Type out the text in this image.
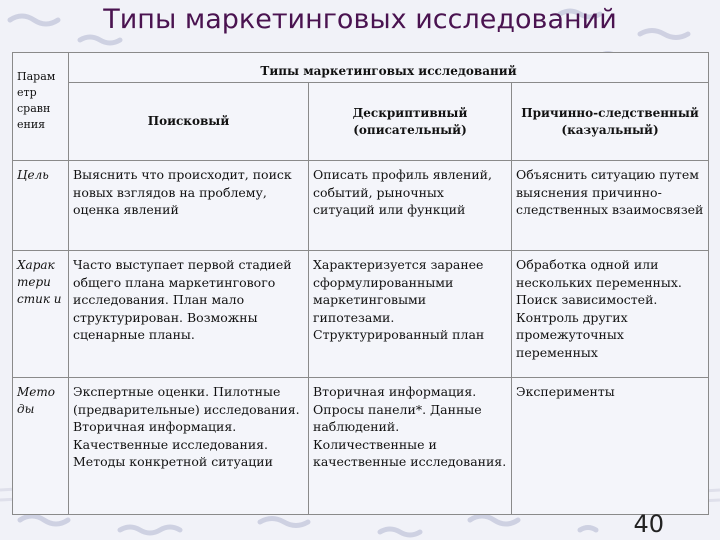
Типы маркетинговых исследований
Парам етр сравн ения	Типы маркетинговых исследований		
	Поисковый	Дескриптивный (описательный)	Причинно-следственный (казуальный)
Цель	Выяснить что происходит, поиск новых взглядов на проблему, оценка явлений	Описать профиль явлений, событий, рыночных ситуаций или функций	Объяснить ситуацию путем выяснения причинно-следственных взаимосвязей
Харак тери стик и	Часто выступает первой стадией общего плана маркетингового исследования. План мало структурирован. Возможны сценарные планы.	Характеризуется заранее сформулированными маркетинговыми гипотезами. Структурированный план	Обработка одной или нескольких переменных. Поиск зависимостей. Контроль других промежуточных переменных
Мето ды	Экспертные оценки. Пилотные (предварительные) исследования. Вторичная информация. Качественные исследования. Методы конкретной ситуации	Вторичная информация. Опросы панели*. Данные наблюдений. Количественные и качественные исследования.	Эксперименты
40
